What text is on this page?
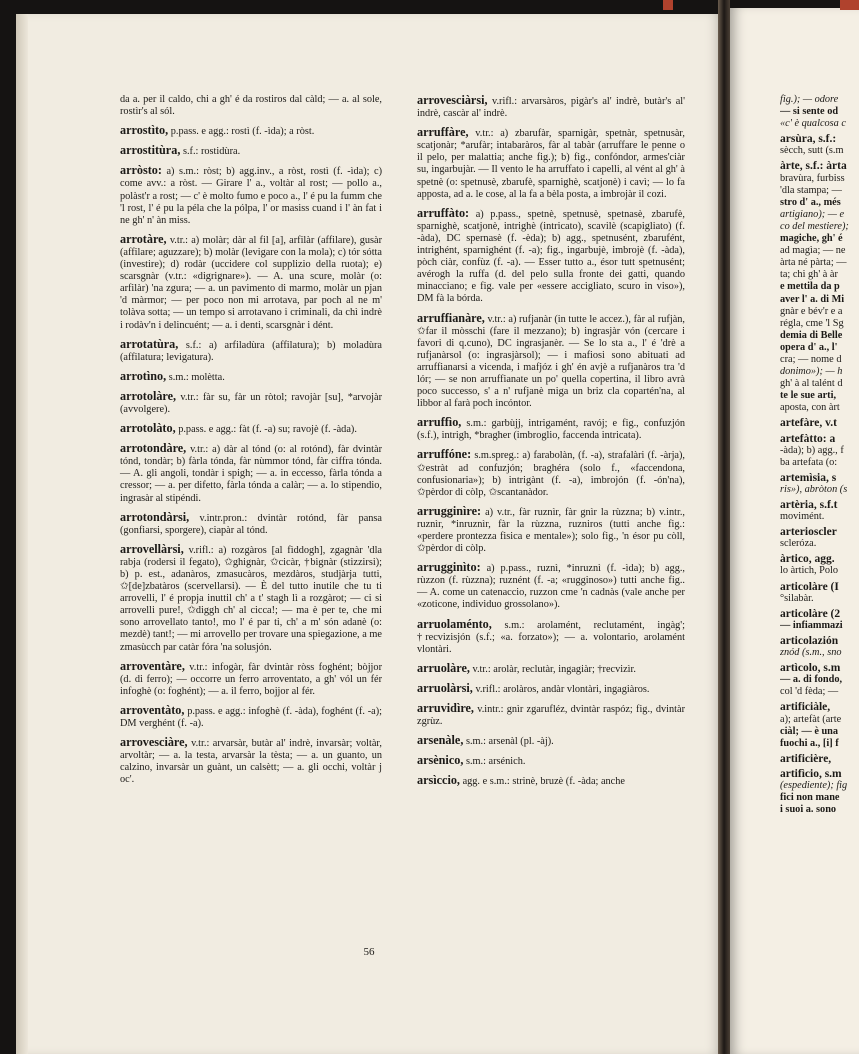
da a. per il caldo, chi a gh' é da rostiros dal càld; — a. al sole, rostìr's al sól.

arrostìto, p.pass. e agg.: rostì (f. -ìda); a ròst.

arrostitùra, s.f.: rostidùra.

arròsto: a) s.m.: ròst; b) agg.inv., a ròst, rostì (f. -ìda); c) come avv.: a ròst. — Girare l' a., voltàr al rost; — pollo a., polàst'r a rost; — c' è molto fumo e poco a., l' é pu la fumm che 'l rost, l' é pu la péla che la pólpa, l' or masiss cuand i l' àn fat i ne gh' n' àn miss.

arrotàre, v.tr.: a) molàr; dàr al fil [a], arfilàr (affilare), gusàr (affilare; aguzzare); b) molàr (levigare con la mola); c) tór sótta (investire); d) rodàr (uccidere col supplizio della ruota); e) scarsgnàr (v.tr.: «digrignare»). — A. una scure, molàr (o: arfilàr) 'na zgura; — a. un pavimento di marmo, molàr un pjan 'd màrmor; — per poco non mi arrotava, par poch al ne m' tolàva sotta; — un tempo si arrotavano i criminali, da chì indrè i rodàv'n i delincuént; — a. i denti, scarsgnàr i dént.

arrotatùra, s.f.: a) arfiladùra (affilatura); b) moladùra (affilatura; levigatura).

arrotìno, s.m.: molètta.

arrotolàre, v.tr.: fàr su, fàr un ròtol; ravojàr [su], *arvojàr (avvolgere).

arrotolàto, p.pass. e agg.: fàt (f. -a) su; ravojè (f. -àda).

arrotondàre, v.tr.: a) dàr al tónd (o: al rotónd), fàr dvintàr tónd, tondàr; b) fàrla tónda, fàr nùmmor tónd, fàr cìffra tónda. — A. gli angoli, tondàr i spigh; — a. in eccesso, fàrla tónda a cressor; — a. per difetto, fàrla tónda a calàr; — a. lo stipendio, ingrasàr al stipéndi.

arrotondàrsi, v.intr.pron.: dvintàr rotónd, fàr pansa (gonfiarsi, sporgere), ciapàr al tónd.

arrovellàrsi, v.rifl.: a) rozgàros [al fìddogh], zgagnàr 'dla rabja (rodersi il fegato), ✩ghignàr, ✩cicàr, †bignàr (stizzirsi); b) p. est., adanàros, zmasucàros, mezdàros, studjàrja tutti, ✩[de]zbatàros (scervellarsi). — È del tutto inutile che tu ti arrovelli, l' é propja inuttil ch' a t' stagh lì a rozgàrot; — ci si arrovelli pure!, ✩diggh ch' al cicca!; — ma è per te, che mi sono arrovellato tanto!, mo l' é par ti, ch' a m' són adanè (o: mezdè) tant!; — mi arrovello per trovare una spiegazione, a me zmasùcch par catàr fóra 'na solusjón.

arroventàre, v.tr.: infogàr, fàr dvintàr ròss foghént; bòjjor (d. di ferro); — occorre un ferro arroventato, a gh' vól un fér infoghè (o: foghént); — a. il ferro, bojjor al fér.

arroventàto, p.pass. e agg.: infoghè (f. -àda), foghént (f. -a); DM verghént (f. -a).

arrovesciàre, v.tr.: arvarsàr, butàr al' indrè, invarsàr; voltàr, arvoltàr; — a. la testa, arvarsàr la tèsta; — a. un guanto, un calzino, invarsàr un guànt, un calsètt; — a. gli occhi, voltàr j oc'.

arrovesciàrsi, v.rifl.: arvarsàros, pigàr's al' indrè, butàr's al' indrè, cascàr al' indrè.

arruffàre, v.tr.: a) zbarufàr, sparnigàr, spetnàr, spetnusàr, scatjonàr; *arufàr; intabaràros, fàr al tabàr (arruffare le penne o il pelo, per malattia; anche fig.); b) fig., confóndor, armes'ciàr su, ingarbujàr. — Il vento le ha arruffato i capelli, al vént al gh' à spetnè (o: spetnusè, zbarufè, sparnighè, scatjonè) i cavì; — lo fa apposta, ad a. le cose, al la fa a bèla posta, a imbrojàr il cozi.

arruffàto: a) p.pass., spetnè, spetnusè, spetnasè, zbarufè, sparnighè, scatjonè, intrighè (intricato), scavilè (scapigliato) (f. -àda), DC spernasè (f. -èda); b) agg., spetnusént, zbarufént, intrighént, sparnighént (f. -a); fig., ingarbujè, imbrojè (f. -àda), pòch ciàr, confùz (f. -a). — Esser tutto a., ésor tutt spetnusént; avérogh la ruffa (d. del pelo sulla fronte dei gatti, quando minacciano; e fig. vale per «essere accigliato, scuro in viso»), DM fà la bórda.

arruffianàre, v.tr.: a) rufjanàr (in tutte le accez.), fàr al rufjàn, ✩far il mòsschi (fare il mezzano); b) ingrasjàr vón (cercare i favori di q.cuno), DC ingrasjanèr. — Se lo sta a., l' é 'drè a rufjanàrsol (o: ingrasjàrsol); — i mafiosi sono abituati ad arruffianarsi a vicenda, i mafjóz i gh' én avjè a rufjanàros tra 'd lór; — se non arruffianate un po' quella copertina, il libro avrà poco successo, s' a n' rufjanè miga un briz cla copartén'na, al libbor al farà poch incóntor.

arruffìo, s.m.: garbùjj, intrigamént, ravój; e fig., confuzjón (s.f.), intrigh, *bragher (imbroglio, faccenda intricata).

arruffóne: s.m.spreg.: a) farabolàn, (f. -a), strafalàri (f. -àrja), ✩estràt ad confuzjón; braghéra (solo f., «faccendona, confusionaria»); b) intrigànt (f. -a), imbrojón (f. -ón'na), ✩pèrdor di còlp, ✩scantanàdor.

arrugginìre: a) v.tr., fàr ruznìr, fàr gnìr la rùzzna; b) v.intr., ruznìr, *inruznìr, fàr la rùzzna, ruzniros (tutti anche fig.: «perdere prontezza fisica e mentale»); solo fig., 'n ésor pu còll, ✩pèrdor di còlp.

arrugginìto: a) p.pass., ruznì, *inruznì (f. -ìda); b) agg., rùzzon (f. rùzzna); ruznént (f. -a; «rugginoso») tutti anche fig.. — A. come un catenaccio, ruzzon cme 'n cadnàs (vale anche per «zoticone, individuo grossolano»).

arruolaménto, s.m.: arolamént, reclutamént, ingàg'; †recvizisjón (s.f.; «a. forzato»); — a. volontario, arolamént vlontàri.

arruolàre, v.tr.: arolàr, reclutàr, ingagiàr; †recvizìr.

arruolàrsi, v.rifl.: arolàros, andàr vlontàri, ingagiàros.

arruvidìre, v.intr.: gnìr zgarufléz, dvintàr raspóz; fig., dvintàr zgrùz.

arsenàle, s.m.: arsenàl (pl. -àj).

arsènico, s.m.: arsénich.

arsìccio, agg. e s.m.: strinè, bruzè (f. -àda; anche

fig.); — odore

— si sente od

«c' è qualcosa c

arsùra, s.f.:

sècch, sutt (s.m

àrte, s.f.: àrta

bravùra, furbiss

'dla stampa; —

stro d' a., més

artigiano); — e

co del mestiere);

magiche, gh' é

ad magìa; — ne

àrta né pàrta; —

ta; chi gh' à àr

e mettila da p

aver l' a. di Mi

gnàr e bév'r e a

régla, cme 'l Sg

demia di Belle

opera d' a., l'

cra; — nome d

donimo»); — h

gh' à al talént d

te le sue arti,

aposta, con àrt

artefàre, v.t

artefàtto: a

-àda); b) agg., f

ba artefata (o:

artemìsia, s

ris»), abròton (s

artèria, s.f.t

movimént.

arterioscler

scleróza.

àrtico, agg.

lo àrtich, Polo

articolàre (I

°silabàr.

articolàre (2

— infiammazi

articolazión

znód (s.m., sno

artìcolo, s.m

— a. di fondo,

col 'd fèda; —

artificiàle,

a); artefàt (arte

ciàl; — è una

fuochi a., [i] f

artificière,

artifìcio, s.m

(espediente); fig

fici non mane

i suoi a. sono

56
